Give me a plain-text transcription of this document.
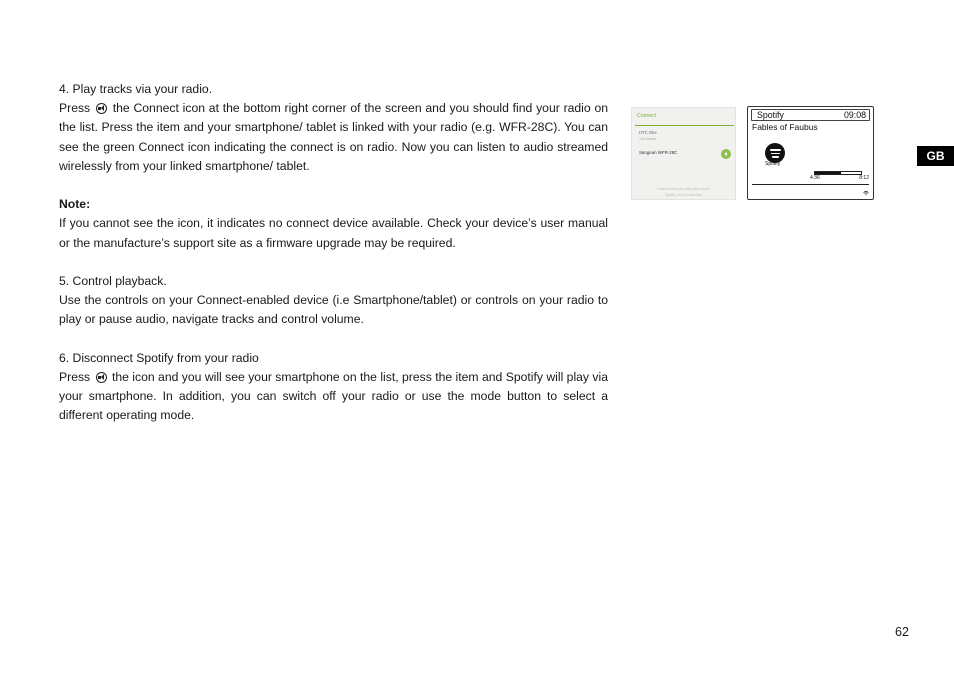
4. Play tracks via your radio.

Press the Connect icon at the bottom right corner of the screen and you should find your radio on the list. Press the item and your smartphone/ tablet is linked with your radio (e.g. WFR-28C). You can see the green Connect icon indicating the connect is on radio. Now you can listen to audio streamed wirelessly from your linked smartphone/ tablet.

Note:

If you cannot see the icon, it indicates no connect device available. Check your device’s user manual or the manufacture’s support site as a firmware upgrade may be required.

5. Control playback.

Use the controls on your Connect-enabled device (i.e Smartphone/tablet) or controls on your radio to play or pause audio, navigate tracks and control volume.

6. Disconnect Spotify from your radio

Press the icon and you will see your smartphone on the list, press the item and Spotify will play via your smartphone. In addition, you can switch off your radio or use the mode button to select a different operating mode.

Connect
HTC One
This device
Sangean WFR-28C
Connect lets you play and control
Spotify on your devices
Spotify	09:08
Fables of Faubus
Spotify
4:36	8:12
GB
62
